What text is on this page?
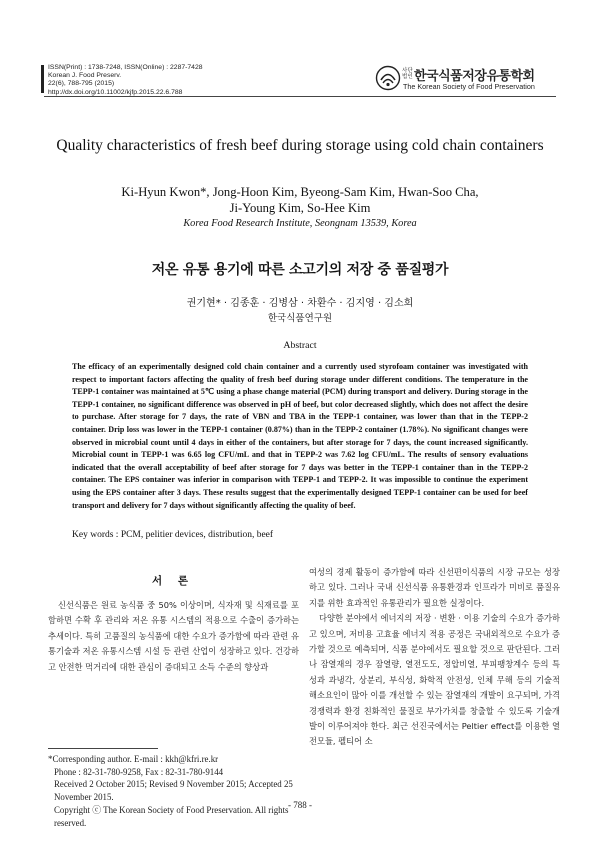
ISSN(Print) : 1738-7248, ISSN(Online) : 2287-7428
Korean J. Food Preserv.
22(6), 788-795 (2015)
http://dx.doi.org/10.11002/kjfp.2015.22.6.788
사단 법인 한국식품저장유통학회
The Korean Society of Food Preservation
Quality characteristics of fresh beef during storage using cold chain containers
Ki-Hyun Kwon*, Jong-Hoon Kim, Byeong-Sam Kim, Hwan-Soo Cha,
Ji-Young Kim, So-Hee Kim
Korea Food Research Institute, Seongnam 13539, Korea
저온 유통 용기에 따른 소고기의 저장 중 품질평가
권기현* · 김종훈 · 김병삼 · 차환수 · 김지영 · 김소희
한국식품연구원
Abstract
The efficacy of an experimentally designed cold chain container and a currently used styrofoam container was investigated with respect to important factors affecting the quality of fresh beef during storage under different conditions. The temperature in the TEPP-1 container was maintained at 5℃ using a phase change material (PCM) during transport and delivery. During storage in the TEPP-1 container, no significant difference was observed in pH of beef, but color decreased slightly, which does not affect the desire to purchase. After storage for 7 days, the rate of VBN and TBA in the TEPP-1 container, was lower than that in the TEPP-2 container. Drip loss was lower in the TEPP-1 container (0.87%) than in the TEPP-2 container (1.78%). No significant changes were observed in microbial count until 4 days in either of the containers, but after storage for 7 days, the count increased significantly. Microbial count in TEPP-1 was 6.65 log CFU/mL and that in TEPP-2 was 7.62 log CFU/mL. The results of sensory evaluations indicated that the overall acceptability of beef after storage for 7 days was better in the TEPP-1 container than in the TEPP-2 container. The EPS container was inferior in comparison with TEPP-1 and TEPP-2. It was impossible to continue the experiment using the EPS container after 3 days. These results suggest that the experimentally designed TEPP-1 container can be used for beef transport and delivery for 7 days without significantly affecting the quality of beef.
Key words : PCM, pelitier devices, distribution, beef
서 론

신선식품은 원료 농식품 중 50% 이상이며, 식자재 및 식재료를 포함하면 수확 후 관리와 저온 유통 시스템의 적용으로 수출이 증가하는 추세이다. 특히 고품질의 농식품에 대한 수요가 증가함에 따라 관련 유통기술과 저온 유통시스템 시설 등 관련 산업이 성장하고 있다. 건강하고 안전한 먹거리에 대한 관심이 증대되고 소득 수준의 향상과

여성의 경제 활동이 증가함에 따라 신선편이식품의 시장 규모는 성장하고 있다. 그러나 국내 신선식품 유통환경과 인프라가 미비로 품질유지를 위한 효과적인 유통관리가 필요한 실정이다.

다양한 분야에서 에너지의 저장 · 변환 · 이용 기술의 수요가 증가하고 있으며, 저비용 고효율 에너지 적용 공정은 국내외적으로 수요가 증가할 것으로 예측되며, 식품 분야에서도 필요할 것으로 판단된다. 그러나 잠열재의 경우 잠열량, 열전도도, 정압비열, 부피팽창계수 등의 특성과 과냉각, 상분리, 부식성, 화학적 안전성, 인체 무해 등의 기술적 해소요인이 많아 이를 개선할 수 있는 잠열재의 개발이 요구되며, 가격 경쟁력과 환경 친화적인 물질로 부가가치를 창출할 수 있도록 기술개발이 이루어져야 한다. 최근 선진국에서는 Peltier effect를 이용한 열전모듈, 펠티어 소

*Corresponding author. E-mail : kkh@kfri.re.kr
Phone : 82-31-780-9258, Fax : 82-31-780-9144
Received 2 October 2015; Revised 9 November 2015; Accepted 25 November 2015.
Copyright ⓒ The Korean Society of Food Preservation. All rights reserved.
- 788 -
